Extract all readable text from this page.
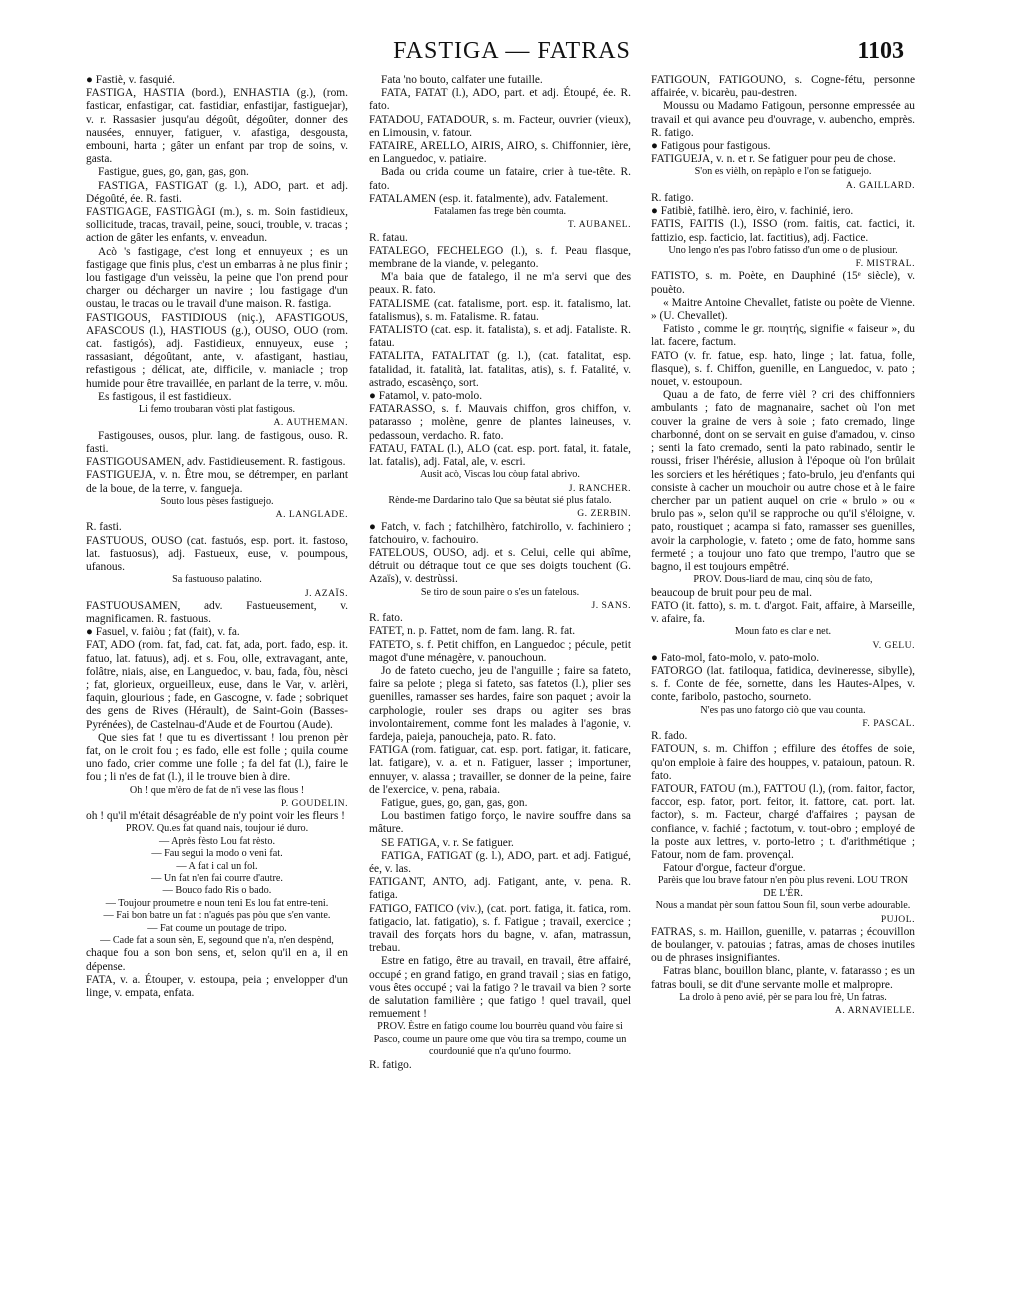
FASTIGA — FATRAS	1103

● Fastiè, v. fasquié.

FASTIGA, HASTIA (bord.), ENHASTIA (g.), (rom. fasticar, enfastigar, cat. fastidiar, enfastijar, fastiguejar), v. r. Rassasier jusqu'au dégoût, dégoûter, donner des nausées, ennuyer, fatiguer, v. afastiga, desgousta, embouni, harta ; gâter un enfant par trop de soins, v. gasta.

Fastigue, gues, go, gan, gas, gon.

FASTIGA, FASTIGAT (g. l.), ADO, part. et adj. Dégoûté, ée. R. fasti.

FASTIGAGE, FASTIGÀGI (m.), s. m. Soin fastidieux, sollicitude, tracas, travail, peine, souci, trouble, v. tracas ; action de gâter les enfants, v. enveadun.

Acò 's fastigage, c'est long et ennuyeux ; es un fastigage que finis plus, c'est un embarras à ne plus finir ; lou fastigage d'un veissèu, la peine que l'on prend pour charger ou décharger un navire ; lou fastigage d'un oustau, le tracas ou le travail d'une maison. R. fastiga.

FASTIGOUS, FASTIDIOUS (niç.), AFASTIGOUS, AFASCOUS (l.), HASTIOUS (g.), OUSO, OUO (rom. cat. fastigós), adj. Fastidieux, ennuyeux, euse ; rassasiant, dégoûtant, ante, v. afastigant, hastiau, refastigous ; délicat, ate, difficile, v. maniacle ; trop humide pour être travaillée, en parlant de la terre, v. môu.

Es fastigous, il est fastidieux.

Li femo troubaran vòsti plat fastigous.

A. AUTHEMAN.

Fastigouses, ousos, plur. lang. de fastigous, ouso. R. fasti.

FASTIGOUSAMEN, adv. Fastidieusement. R. fastigous.

FASTIGUEJA, v. n. Être mou, se détremper, en parlant de la boue, de la terre, v. fangueja.

Souto lous pèses fastiguejo.

A. LANGLADE.

R. fasti.

FASTUOUS, OUSO (cat. fastuós, esp. port. it. fastoso, lat. fastuosus), adj. Fastueux, euse, v. poumpous, ufanous.

Sa fastuouso palatino.

J. AZAÏS.

FASTUOUSAMEN, adv. Fastueusement, v. magnificamen. R. fastuous.

● Fasuel, v. faiòu ; fat (fait), v. fa.

FAT, ADO (rom. fat, fad, cat. fat, ada, port. fado, esp. it. fatuo, lat. fatuus), adj. et s. Fou, olle, extravagant, ante, folâtre, niais, aise, en Languedoc, v. bau, fada, fòu, nèsci ; fat, glorieux, orgueilleux, euse, dans le Var, v. arlèri, faquin, glourious ; fade, en Gascogne, v. fade ; sobriquet des gens de Rives (Hérault), de Saint-Goin (Basses-Pyrénées), de Castelnau-d'Aude et de Fourtou (Aude).

Que sies fat ! que tu es divertissant ! lou prenon pèr fat, on le croit fou ; es fado, elle est folle ; quila coume uno fado, crier comme une folle ; fa del fat (l.), faire le fou ; li n'es de fat (l.), il le trouve bien à dire.

Oh ! que m'èro de fat de n'i vese las flous !

P. GOUDELIN.

oh ! qu'il m'était désagréable de n'y point voir les fleurs !

PROV. Qu.es fat quand nais, toujour ié duro.

— Après fèsto Lou fat rèsto.

— Fau segui la modo o veni fat.

— A fat i cal un fol.

— Un fat n'en fai courre d'autre.

— Bouco fado Ris o bado.

— Toujour proumetre e noun teni Es lou fat entre-teni.

— Fai bon batre un fat : n'agués pas pòu que s'en vante.

— Fat coume un poutage de tripo.

— Cade fat a soun sèn, E, segound que n'a, n'en despènd,

chaque fou a son bon sens, et, selon qu'il en a, il en dépense.

FATA, v. a. Étouper, v. estoupa, peia ; envelopper d'un linge, v. empata, enfata.

Fata 'no bouto, calfater une futaille.

FATA, FATAT (l.), ADO, part. et adj. Étoupé, ée. R. fato.

FATADOU, FATADOUR, s. m. Facteur, ouvrier (vieux), en Limousin, v. fatour.

FATAIRE, ARELLO, AIRIS, AIRO, s. Chiffonnier, ière, en Languedoc, v. patiaire.

Bada ou crida coume un fataire, crier à tue-tête. R. fato.

FATALAMEN (esp. it. fatalmente), adv. Fatalement.

Fatalamen fas trege bèn coumta.

T. AUBANEL.

R. fatau.

FATALEGO, FECHELEGO (l.), s. f. Peau flasque, membrane de la viande, v. peleganto.

M'a baia que de fatalego, il ne m'a servi que des peaux. R. fato.

FATALISME (cat. fatalisme, port. esp. it. fatalismo, lat. fatalismus), s. m. Fatalisme. R. fatau.

FATALISTO (cat. esp. it. fatalista), s. et adj. Fataliste. R. fatau.

FATALITA, FATALITAT (g. l.), (cat. fatalitat, esp. fatalidad, it. fatalità, lat. fatalitas, atis), s. f. Fatalité, v. astrado, escasènço, sort.

● Fatamol, v. pato-molo.

FATARASSO, s. f. Mauvais chiffon, gros chiffon, v. patarasso ; molène, genre de plantes laineuses, v. pedassoun, verdacho. R. fato.

FATAU, FATAL (l.), ALO (cat. esp. port. fatal, it. fatale, lat. fatalis), adj. Fatal, ale, v. escri.

Ausit acò, Viscas lou còup fatal abrivo.

J. RANCHER.

Rènde-me Dardarino talo Que sa bèutat sié plus fatalo.

G. ZERBIN.

● Fatch, v. fach ; fatchilhèro, fatchirollo, v. fachiniero ; fatchouiro, v. fachouiro.

FATELOUS, OUSO, adj. et s. Celui, celle qui abîme, détruit ou détraque tout ce que ses doigts touchent (G. Azaïs), v. destrùssi.

Se tiro de soun paire o s'es un fatelous.

J. SANS.

R. fato.

FATET, n. p. Fattet, nom de fam. lang. R. fat.

FATETO, s. f. Petit chiffon, en Languedoc ; pécule, petit magot d'une ménagère, v. panouchoun.

Jo de fateto cuecho, jeu de l'anguille ; faire sa fateto, faire sa pelote ; plega si fateto, sas fatetos (l.), plier ses guenilles, ramasser ses hardes, faire son paquet ; avoir la carphologie, rouler ses draps ou agiter ses bras involontairement, comme font les malades à l'agonie, v. fardeja, paieja, panoucheja, pato. R. fato.

FATIGA (rom. fatiguar, cat. esp. port. fatigar, it. faticare, lat. fatigare), v. a. et n. Fatiguer, lasser ; importuner, ennuyer, v. alassa ; travailler, se donner de la peine, faire de l'exercice, v. pena, rabaia.

Fatigue, gues, go, gan, gas, gon.

Lou bastimen fatigo forço, le navire souffre dans sa mâture.

SE FATIGA, v. r. Se fatiguer.

FATIGA, FATIGAT (g. l.), ADO, part. et adj. Fatigué, ée, v. las.

FATIGANT, ANTO, adj. Fatigant, ante, v. pena. R. fatiga.

FATIGO, FATICO (viv.), (cat. port. fatiga, it. fatica, rom. fatigacio, lat. fatigatio), s. f. Fatigue ; travail, exercice ; travail des forçats hors du bagne, v. afan, matrassun, trebau.

Estre en fatigo, être au travail, en travail, être affairé, occupé ; en grand fatigo, en grand travail ; sias en fatigo, vous êtes occupé ; vai la fatigo ? le travail va bien ? sorte de salutation familière ; que fatigo ! quel travail, quel remuement !

PROV. Èstre en fatigo coume lou bourrèu quand vòu faire si Pasco, coume un paure ome que vòu tira sa trempo, coume un courdounié que n'a qu'uno fourmo.

R. fatigo.

FATIGOUN, FATIGOUNO, s. Cogne-fétu, personne affairée, v. bicarèu, pau-destren.

Moussu ou Madamo Fatigoun, personne empressée au travail et qui avance peu d'ouvrage, v. aubencho, emprès. R. fatigo.

● Fatigous pour fastigous.

FATIGUEJA, v. n. et r. Se fatiguer pour peu de chose.

S'on es vièlh, on repàplo e l'on se fatiguejo.

A. GAILLARD.

R. fatigo.

● Fatibiè, fatilhè. iero, èiro, v. fachinié, iero.

FATIS, FAITIS (l.), ISSO (rom. faitis, cat. factici, it. fattizio, esp. facticio, lat. factitius), adj. Factice.

Uno lengo n'es pas l'obro fatisso d'un ome o de plusiour.

F. MISTRAL.

FATISTO, s. m. Poète, en Dauphiné (15ᵉ siècle), v. pouèto.

« Maitre Antoine Chevallet, fatiste ou poète de Vienne. » (U. Chevallet).

Fatisto , comme le gr. ποιητής, signifie « faiseur », du lat. facere, factum.

FATO (v. fr. fatue, esp. hato, linge ; lat. fatua, folle, flasque), s. f. Chiffon, guenille, en Languedoc, v. pato ; nouet, v. estoupoun.

Quau a de fato, de ferre vièl ? cri des chiffonniers ambulants ; fato de magnanaire, sachet où l'on met couver la graine de vers à soie ; fato cremado, linge charbonné, dont on se servait en guise d'amadou, v. cinso ; senti la fato cremado, senti la pato rabinado, sentir le roussi, friser l'hérésie, allusion à l'époque où l'on brûlait les sorciers et les hérétiques ; fato-brulo, jeu d'enfants qui consiste à cacher un mouchoir ou autre chose et à le faire chercher par un patient auquel on crie « brulo » ou « brulo pas », selon qu'il se rapproche ou qu'il s'éloigne, v. pato, roustiquet ; acampa si fato, ramasser ses guenilles, avoir la carphologie, v. fateto ; ome de fato, homme sans fermeté ; a toujour uno fato que trempo, l'autro que se bagno, il est toujours empêtré.

PROV. Dous-liard de mau, cinq sòu de fato,

beaucoup de bruit pour peu de mal.

FATO (it. fatto), s. m. t. d'argot. Fait, affaire, à Marseille, v. afaire, fa.

Moun fato es clar e net.

V. GELU.

● Fato-mol, fato-molo, v. pato-molo.

FATORGO (lat. fatiloqua, fatidica, devineresse, sibylle), s. f. Conte de fée, sornette, dans les Hautes-Alpes, v. conte, faribolo, pastocho, sourneto.

N'es pas uno fatorgo ciò que vau counta.

F. PASCAL.

R. fado.

FATOUN, s. m. Chiffon ; effilure des étoffes de soie, qu'on emploie à faire des houppes, v. pataioun, patoun. R. fato.

FATOUR, FATOU (m.), FATTOU (l.), (rom. faitor, factor, faccor, esp. fator, port. feitor, it. fattore, cat. port. lat. factor), s. m. Facteur, chargé d'affaires ; paysan de confiance, v. fachié ; factotum, v. tout-obro ; employé de la poste aux lettres, v. porto-letro ; t. d'arithmétique ; Fatour, nom de fam. provençal.

Fatour d'orgue, facteur d'orgue.

Parèis que lou brave fatour n'en pòu plus reveni. LOU TRON DE L'ÈR.

Nous a mandat pèr soun fattou Soun fil, soun verbe adourable.

PUJOL.

FATRAS, s. m. Haillon, guenille, v. patarras ; écouvillon de boulanger, v. patouias ; fatras, amas de choses inutiles ou de phrases insignifiantes.

Fatras blanc, bouillon blanc, plante, v. fatarasso ; es un fatras bouli, se dit d'une servante molle et malpropre.

La drolo à peno avié, pèr se para lou frè, Un fatras.

A. ARNAVIELLE.
